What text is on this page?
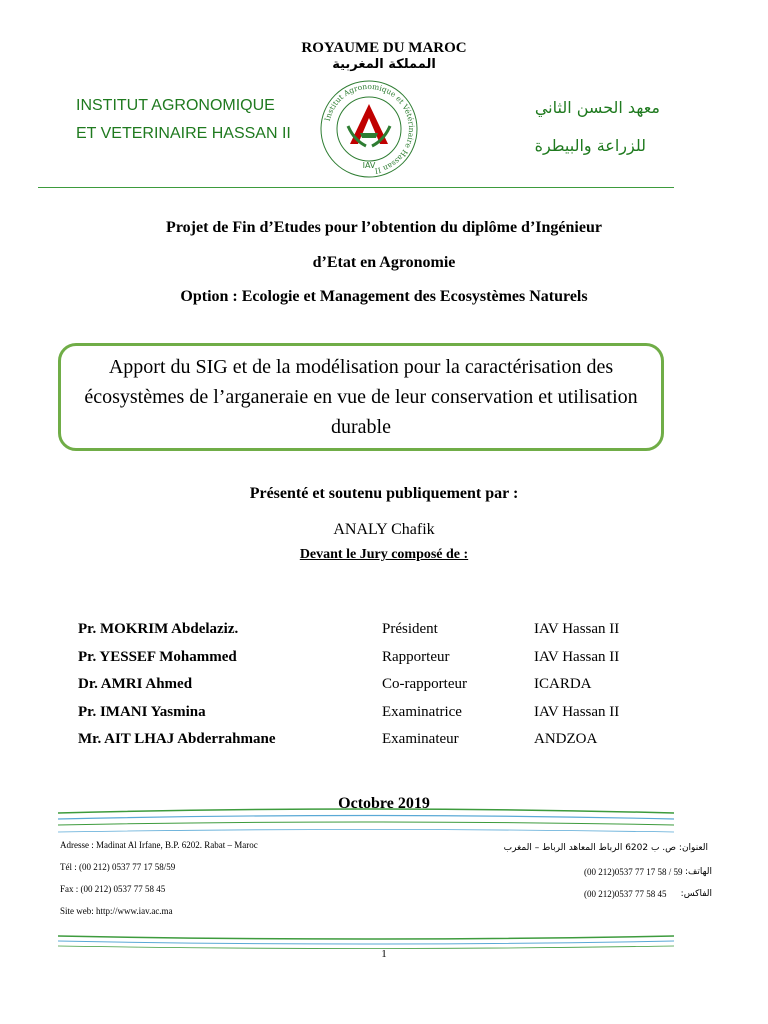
ROYAUME DU MAROC
المملكة المغربية
INSTITUT AGRONOMIQUE
ET VETERINAIRE HASSAN II
Institut Agronomique et Vétérinaire Hassan II
IAV
معهد الحسن الثاني
للزراعة والبيطرة
Projet de Fin d’Etudes pour l’obtention du diplôme d’Ingénieur
d’Etat en Agronomie
Option : Ecologie et Management des Ecosystèmes Naturels
Apport du SIG et de la modélisation pour la caractérisation des écosystèmes de l’arganeraie en vue de leur conservation et utilisation durable
Présenté et soutenu publiquement par :
ANALY Chafik
Devant le Jury composé de :
Pr. MOKRIM Abdelaziz.	Président	IAV Hassan II
Pr. YESSEF Mohammed	Rapporteur	IAV Hassan II
Dr. AMRI Ahmed	Co-rapporteur	ICARDA
Pr. IMANI Yasmina	Examinatrice	IAV Hassan II
Mr. AIT LHAJ Abderrahmane	Examinateur	ANDZOA
Octobre 2019
Adresse : Madinat Al Irfane, B.P. 6202. Rabat – Maroc
Tél : (00 212) 0537 77 17 58/59
Fax : (00 212) 0537 77 58 45
Site web: http://www.iav.ac.ma
العنوان: ص. ب 6202 الرباط المعاهد الرباط – المغرب
(00 212)0537 77 17 58 / 59 الهاتف:
(00 212)0537 77 58 45	الفاكس:
1
